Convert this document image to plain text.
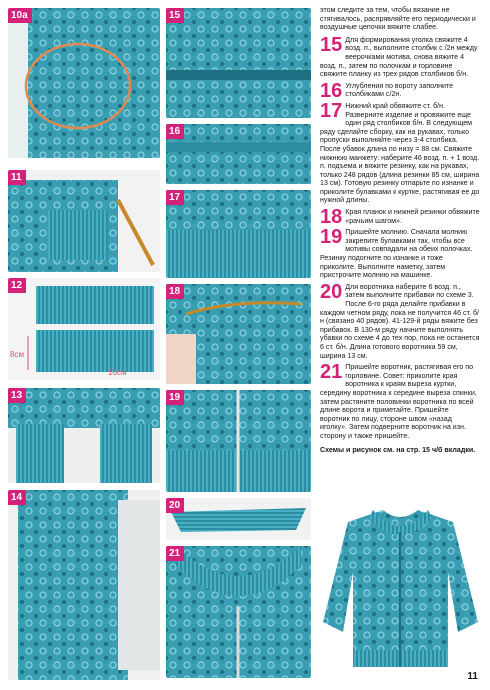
10а
11
12
8см
16см
13
14
15
16
17
18
19
20
21

этом следите за тем, чтобы вязание не стягивалось, распрявляйте его периодически и воздушные цепочки вяжите слабее.

15 Для формирования уголка свяжите 4 возд. п., выполните столбик с /2н между веерочками мотива, снова вяжите 4 возд. п., затем по полочкам и горловине свяжите планку из трех рядов столбиков б/н.

16 Углубления по вороту заполните столбиками с/2н.

17 Нижний край обвяжите ст. б/н. Разверните изделие и провяжите еще один ряд столбиков б/н. В следующем ряду сделайте сборку, как на рукавах, только пропуски выполняйте через 3-4 столбика. После убавок длина по низу = 88 см. Свяжите нижнюю манжету: наберите 46 возд. п. + 1 возд. п. подъема и вяжите резинку, как на рукавах, только 248 рядов (длина резинки 85 см, ширина 13 см). Готовую резинку отпарьте по изнанке и приколите булавками к куртке, растягивая ее до нужной длины.

18 Края планок и нижней резинки обвяжите «рачьим шагом».

19 Пришейте молнию. Сначала молнию закрепите булавками так, чтобы все мотивы совпадали на обеих полочках. Резинку подогните по изнанке и тоже приколите. Выполните наметку, затем пристрочите молнию на машинке.

20 Для воротника наберите 6 возд. п., затем выполните прибавки по схеме 3. После 6-го ряда делайте прибавки в каждом четном ряду, пока не получится 46 ст. б/н (связано 40 рядов). 41-129-й ряды вяжите без прибавок. В 130-м ряду начните выполнять убавки по схеме 4 до тех пор, пока не останется 6 ст. б/н. Длина готового воротника 59 см, ширина 13 см.

21 Пришейте воротник, растягивая его по горловине. Совет: приколите края воротника к краям выреза куртки, середину воротника к середине выреза спинки, затем растяните половинки воротника по всей длине ворота и приметайте. Пришейте воротник по лицу, стороне швом «назад иголку». Затем подверните воротник на изн. сторону и также пришейте.

Схемы и рисунок см. на стр. 15 ч/б вкладки.

11
